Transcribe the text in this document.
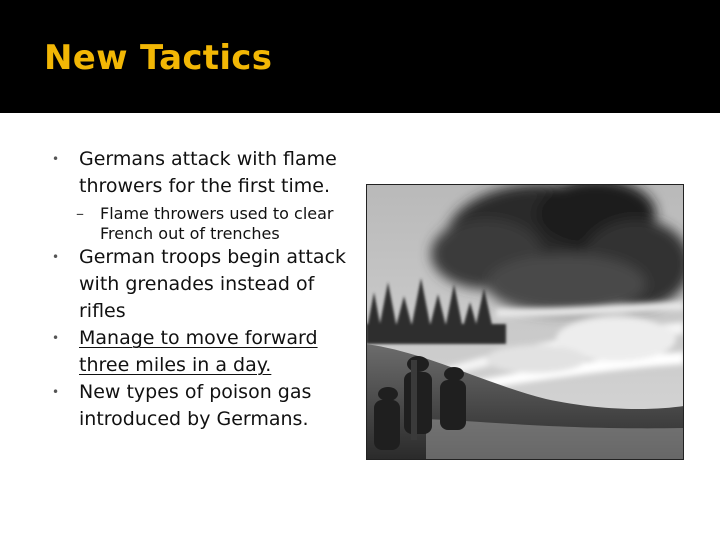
New Tactics
• Germans attack with flame throwers for the first time.
– Flame throwers used to clear French out of trenches
• German troops begin attack with grenades instead of rifles
• Manage to move forward three miles in a day.
• New types of poison gas introduced by Germans.
